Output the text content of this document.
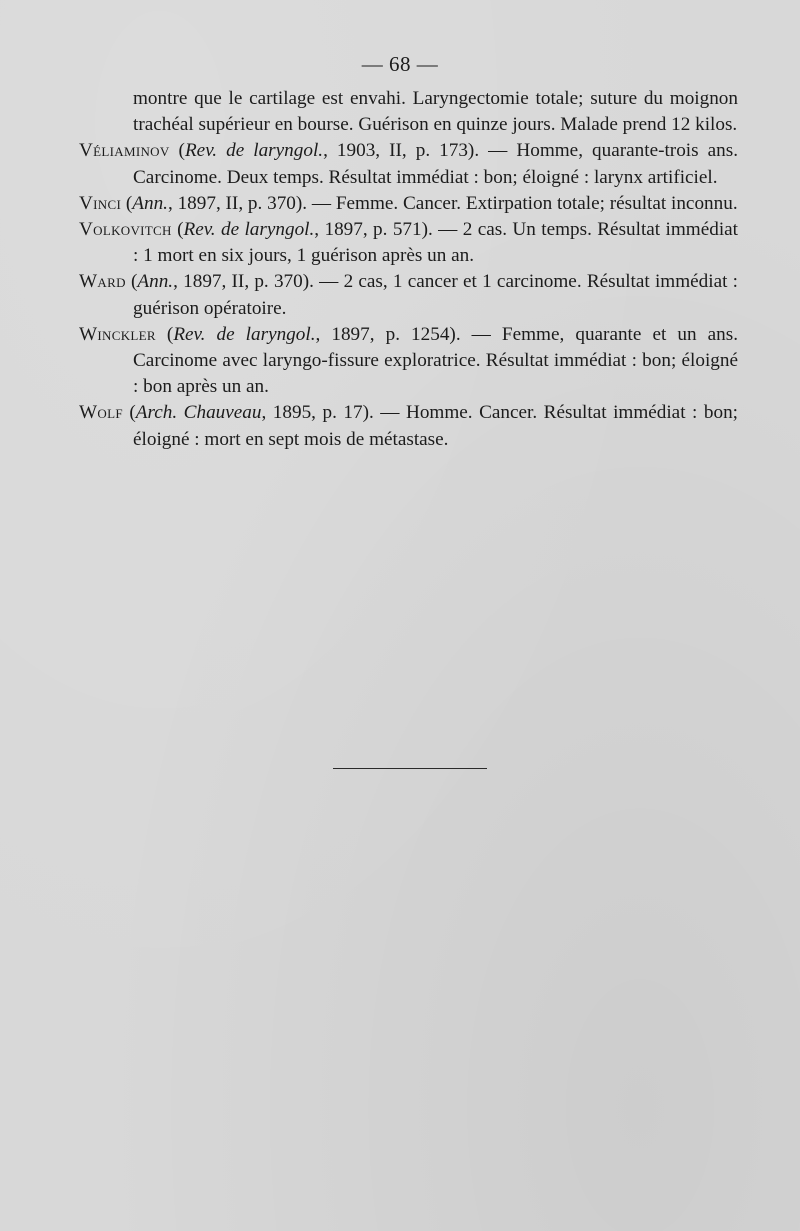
— 68 —

montre que le cartilage est envahi. Laryngectomie totale; suture du moignon trachéal supérieur en bourse. Guérison en quinze jours. Malade prend 12 kilos.

Véliaminov (Rev. de laryngol., 1903, II, p. 173). — Homme, quarante-trois ans. Carcinome. Deux temps. Résultat immédiat : bon; éloigné : larynx artificiel.

Vinci (Ann., 1897, II, p. 370). — Femme. Cancer. Extirpation totale; résultat inconnu.

Volkovitch (Rev. de laryngol., 1897, p. 571). — 2 cas. Un temps. Résultat immédiat : 1 mort en six jours, 1 guérison après un an.

Ward (Ann., 1897, II, p. 370). — 2 cas, 1 cancer et 1 carcinome. Résultat immédiat : guérison opératoire.

Winckler (Rev. de laryngol., 1897, p. 1254). — Femme, quarante et un ans. Carcinome avec laryngo-fissure exploratrice. Résultat immédiat : bon; éloigné : bon après un an.

Wolf (Arch. Chauveau, 1895, p. 17). — Homme. Cancer. Résultat immédiat : bon; éloigné : mort en sept mois de métastase.
